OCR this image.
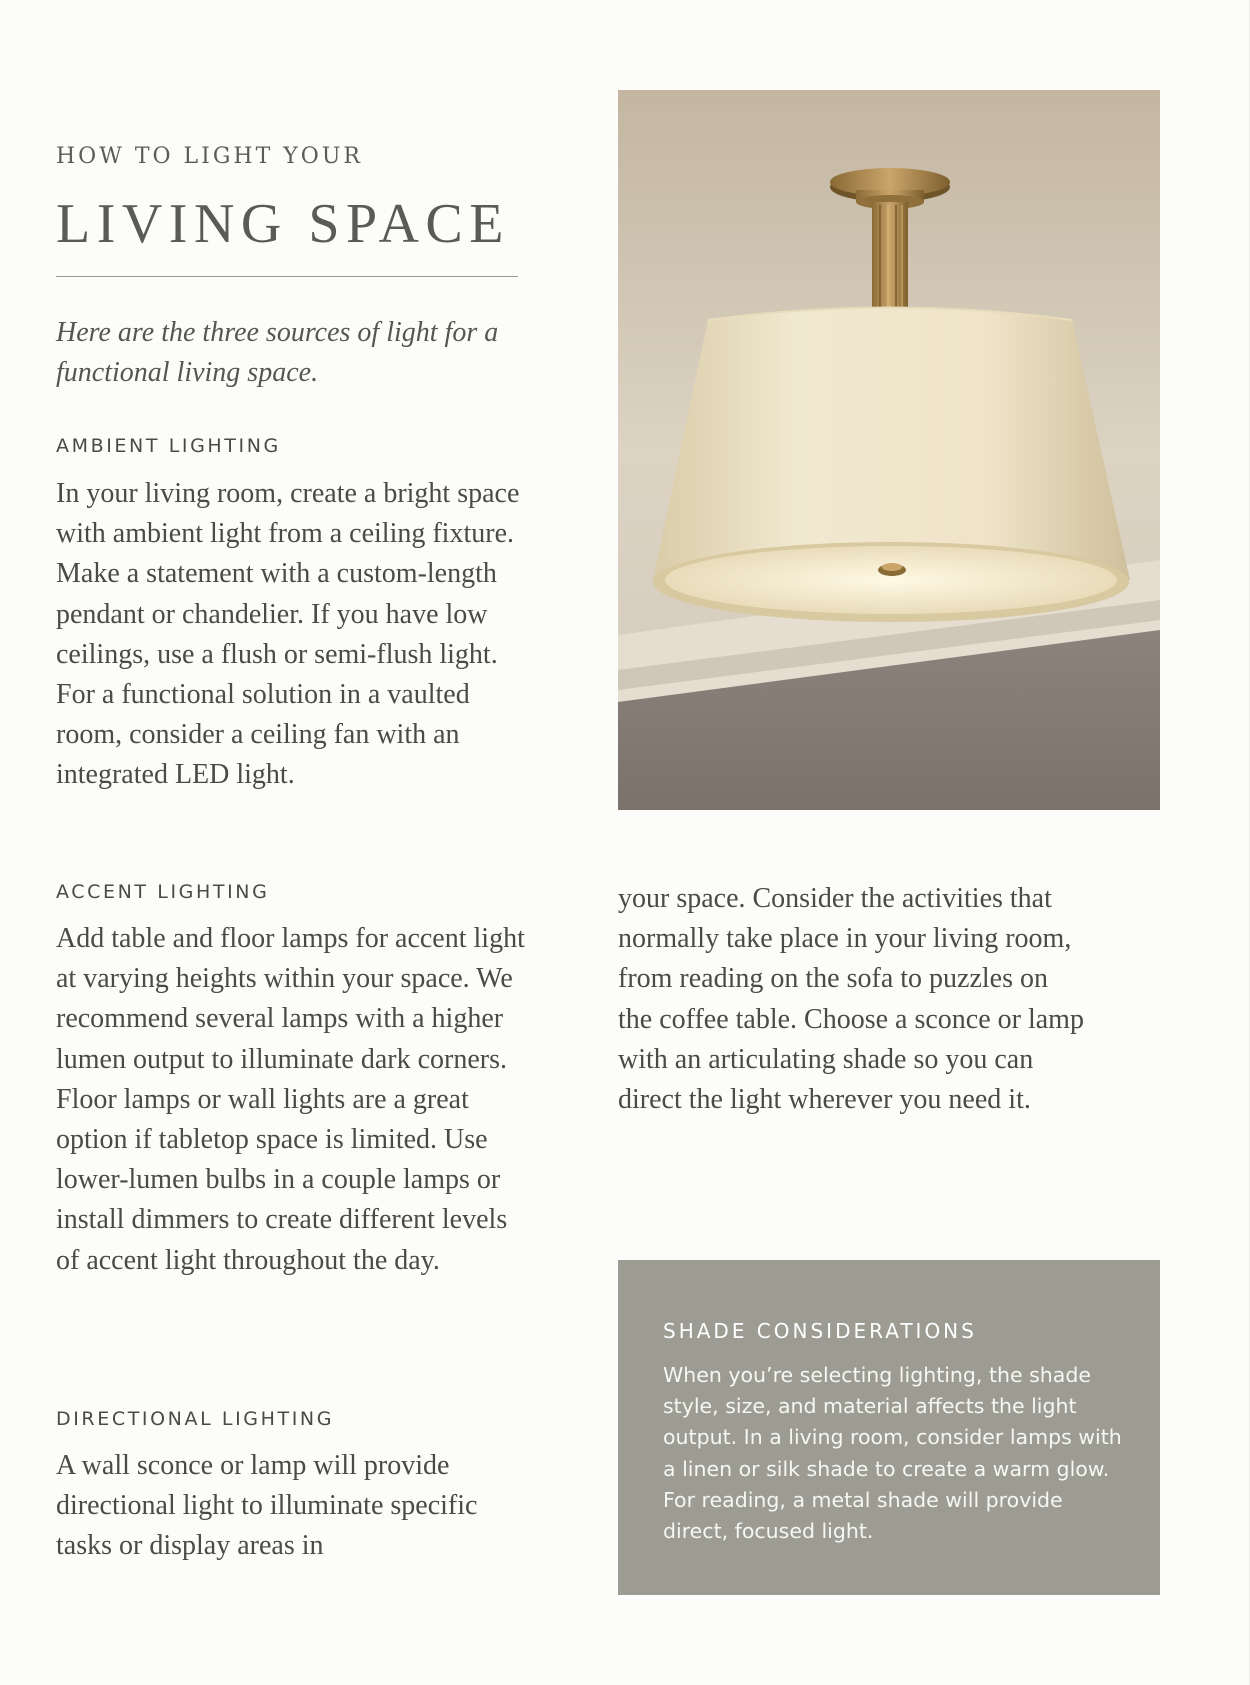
HOW TO LIGHT YOUR
LIVING SPACE
Here are the three sources of light for a functional living space.
AMBIENT LIGHTING
In your living room, create a bright space with ambient light from a ceiling fixture. Make a statement with a custom-length pendant or chandelier. If you have low ceilings, use a flush or semi-flush light. For a functional solution in a vaulted room, consider a ceiling fan with an integrated LED light.
ACCENT LIGHTING
Add table and floor lamps for accent light at varying heights within your space. We recommend several lamps with a higher lumen output to illuminate dark corners. Floor lamps or wall lights are a great option if tabletop space is limited. Use lower-lumen bulbs in a couple lamps or install dimmers to create different levels of accent light throughout the day.
DIRECTIONAL LIGHTING
A wall sconce or lamp will provide directional light to illuminate specific tasks or display areas in
your space. Consider the activities that normally take place in your living room, from reading on the sofa to puzzles on the coffee table. Choose a sconce or lamp with an articulating shade so you can direct the light wherever you need it.
SHADE CONSIDERATIONS
When you’re selecting lighting, the shade style, size, and material affects the light output. In a living room, consider lamps with a linen or silk shade to create a warm glow. For reading, a metal shade will provide direct, focused light.
